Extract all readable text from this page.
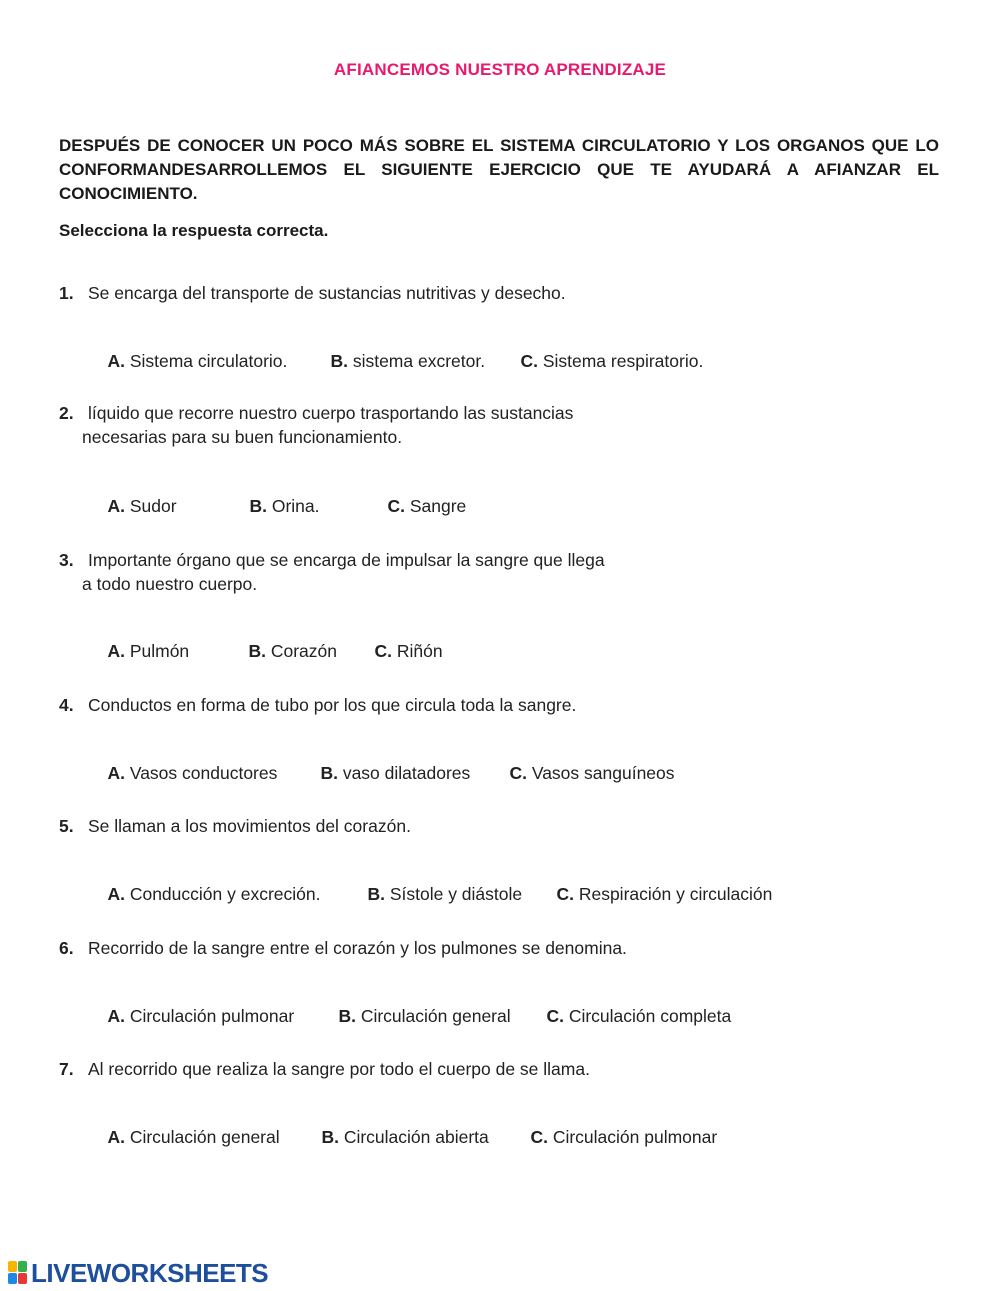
AFIANCEMOS NUESTRO APRENDIZAJE
DESPUÉS DE CONOCER UN POCO MÁS SOBRE EL SISTEMA CIRCULATORIO Y LOS ORGANOS QUE LO CONFORMANDESARROLLEMOS EL SIGUIENTE EJERCICIO QUE TE AYUDARÁ A AFIANZAR EL CONOCIMIENTO.
Selecciona la respuesta correcta.
1. Se encarga del transporte de sustancias nutritivas y desecho.

A. Sistema circulatorio. B. sistema excretor. C. Sistema respiratorio.

2. líquido que recorre nuestro cuerpo trasportando las sustancias
necesarias para su buen funcionamiento.

A. Sudor	B. Orina.	C. Sangre

3. Importante órgano que se encarga de impulsar la sangre que llega
a todo nuestro cuerpo.

A. Pulmón	B. Corazón C. Riñón

4. Conductos en forma de tubo por los que circula toda la sangre.

A. Vasos conductores B. vaso dilatadores C. Vasos sanguíneos

5. Se llaman a los movimientos del corazón.

A. Conducción y excreción.	B. Sístole y diástole C. Respiración y circulación

6. Recorrido de la sangre entre el corazón y los pulmones se denomina.

A. Circulación pulmonar	B. Circulación general C. Circulación completa

7. Al recorrido que realiza la sangre por todo el cuerpo de se llama.

A. Circulación general B. Circulación abierta C. Circulación pulmonar

LIVEWORKSHEETS
